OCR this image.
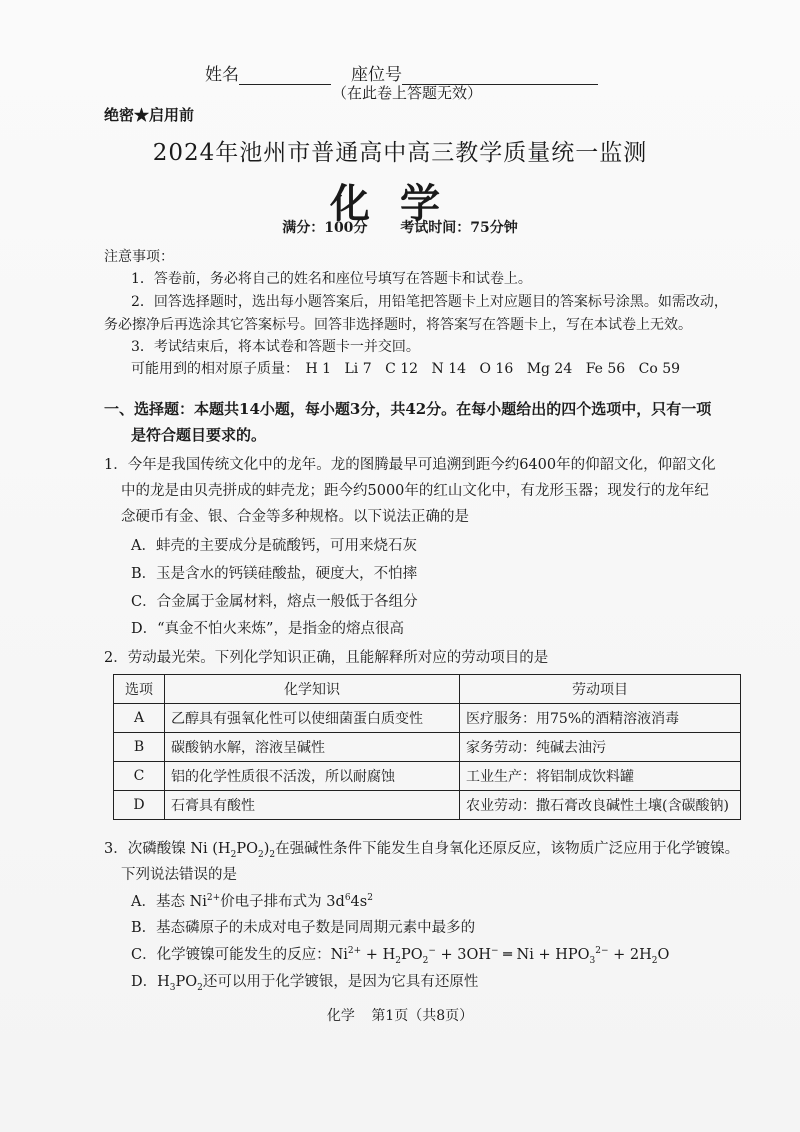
姓名	座位号
（在此卷上答题无效）
绝密★启用前
2024年池州市普通高中高三教学质量统一监测
化学
满分：100分 考试时间：75分钟
注意事项：
1．答卷前，务必将自己的姓名和座位号填写在答题卡和试卷上。
2．回答选择题时，选出每小题答案后，用铅笔把答题卡上对应题目的答案标号涂黑。如需改动，
务必擦净后再选涂其它答案标号。回答非选择题时，将答案写在答题卡上，写在本试卷上无效。
3．考试结束后，将本试卷和答题卡一并交回。
可能用到的相对原子质量： H 1 Li 7 C 12 N 14 O 16 Mg 24 Fe 56 Co 59
一、选择题：本题共14小题，每小题3分，共42分。在每小题给出的四个选项中，只有一项
是符合题目要求的。
1．今年是我国传统文化中的龙年。龙的图腾最早可追溯到距今约6400年的仰韶文化，仰韶文化
中的龙是由贝壳拼成的蚌壳龙；距今约5000年的红山文化中，有龙形玉器；现发行的龙年纪
念硬币有金、银、合金等多种规格。以下说法正确的是
A．蚌壳的主要成分是硫酸钙，可用来烧石灰
B．玉是含水的钙镁硅酸盐，硬度大，不怕摔
C．合金属于金属材料，熔点一般低于各组分
D．“真金不怕火来炼”，是指金的熔点很高
2．劳动最光荣。下列化学知识正确，且能解释所对应的劳动项目的是
选项	化学知识	劳动项目
A	乙醇具有强氧化性可以使细菌蛋白质变性	医疗服务：用75%的酒精溶液消毒
B	碳酸钠水解，溶液呈碱性	家务劳动：纯碱去油污
C	铝的化学性质很不活泼，所以耐腐蚀	工业生产：将铝制成饮料罐
D	石膏具有酸性	农业劳动：撒石膏改良碱性土壤(含碳酸钠)
3．次磷酸镍 Ni $(H_2PO_2)_2$在强碱性条件下能发生自身氧化还原反应，该物质广泛应用于化学镀镍。
下列说法错误的是
A．基态 $Ni^{2+}$价电子排布式为 $3d^64s^2$
B．基态磷原子的未成对电子数是同周期元素中最多的
C．化学镀镍可能发生的反应：$Ni^{2+} + H_2PO_2^- + 3OH^-$ ═ $Ni + HPO_3^{2-} + 2H_2O$
D．$H_3PO_2$还可以用于化学镀银，是因为它具有还原性
化学 第1页（共8页）
